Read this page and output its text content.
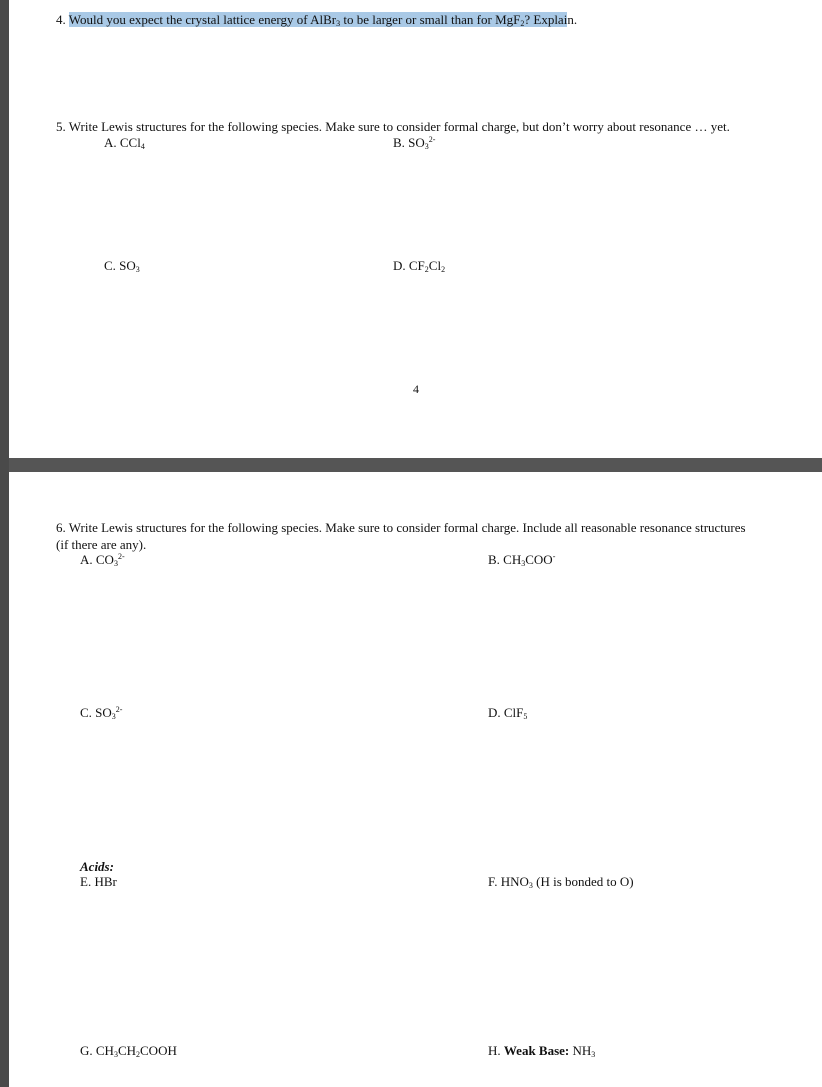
4. Would you expect the crystal lattice energy of AlBr$_3$ to be larger or small than for MgF$_2$? Explain.
5. Write Lewis structures for the following species. Make sure to consider formal charge, but don’t worry about resonance … yet.
A. CCl$_4$	B. $SO_3^{2-}$
C. $SO_3$	D. $CF_2Cl_2$
4
6. Write Lewis structures for the following species. Make sure to consider formal charge. Include all reasonable resonance structures
(if there are any).
A. $CO_3^{2-}$	B. $CH_3COO^-$
C. $SO_3^{2-}$	D. ClF$_5$
Acids:
E. HBr	F. $HNO_3$ (H is bonded to O)
G. $CH_3CH_2COOH$	H. Weak Base: $NH_3$
